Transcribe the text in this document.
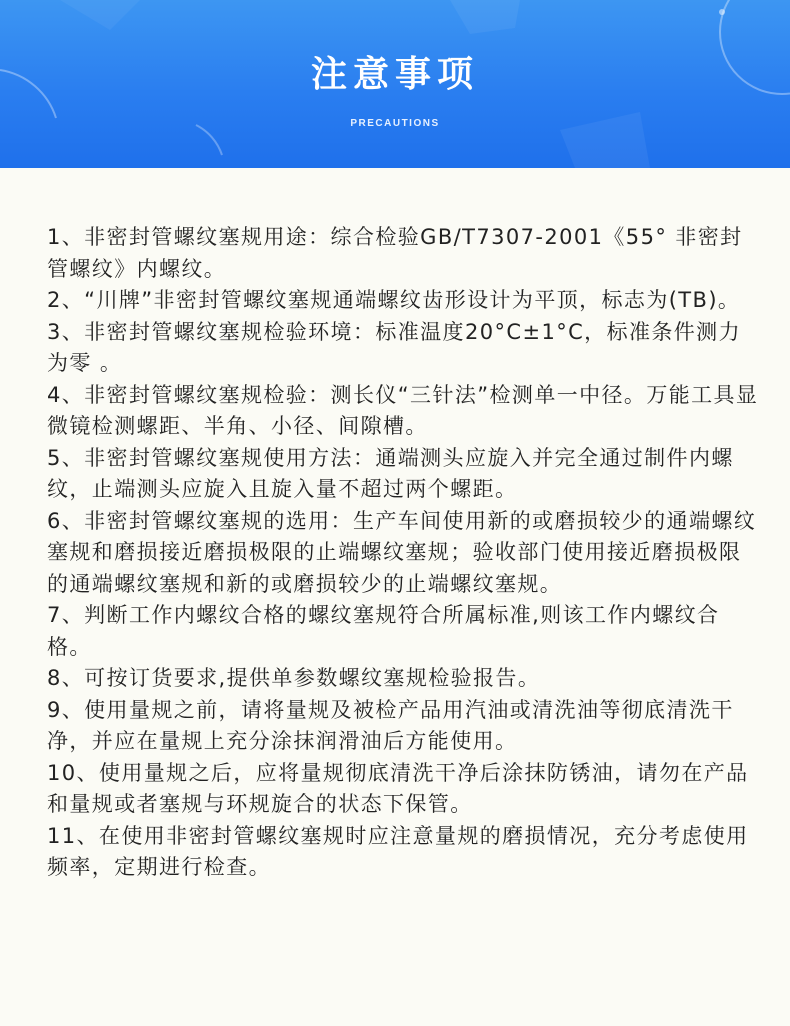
注意事项
PRECAUTIONS
1、非密封管螺纹塞规用途：综合检验GB/T7307-2001《55° 非密封管螺纹》内螺纹。
2、“川牌”非密封管螺纹塞规通端螺纹齿形设计为平顶，标志为(TB)。
3、非密封管螺纹塞规检验环境：标准温度20°C±1°C，标准条件测力为零 。
4、非密封管螺纹塞规检验：测长仪“三针法”检测单一中径。万能工具显微镜检测螺距、半角、小径、间隙槽。
5、非密封管螺纹塞规使用方法：通端测头应旋入并完全通过制件内螺纹，止端测头应旋入且旋入量不超过两个螺距。
6、非密封管螺纹塞规的选用：生产车间使用新的或磨损较少的通端螺纹塞规和磨损接近磨损极限的止端螺纹塞规；验收部门使用接近磨损极限的通端螺纹塞规和新的或磨损较少的止端螺纹塞规。
7、判断工作内螺纹合格的螺纹塞规符合所属标准,则该工作内螺纹合格。
8、可按订货要求,提供单参数螺纹塞规检验报告。
9、使用量规之前，请将量规及被检产品用汽油或清洗油等彻底清洗干净，并应在量规上充分涂抹润滑油后方能使用。
10、使用量规之后，应将量规彻底清洗干净后涂抹防锈油，请勿在产品和量规或者塞规与环规旋合的状态下保管。
11、在使用非密封管螺纹塞规时应注意量规的磨损情况，充分考虑使用频率，定期进行检查。
